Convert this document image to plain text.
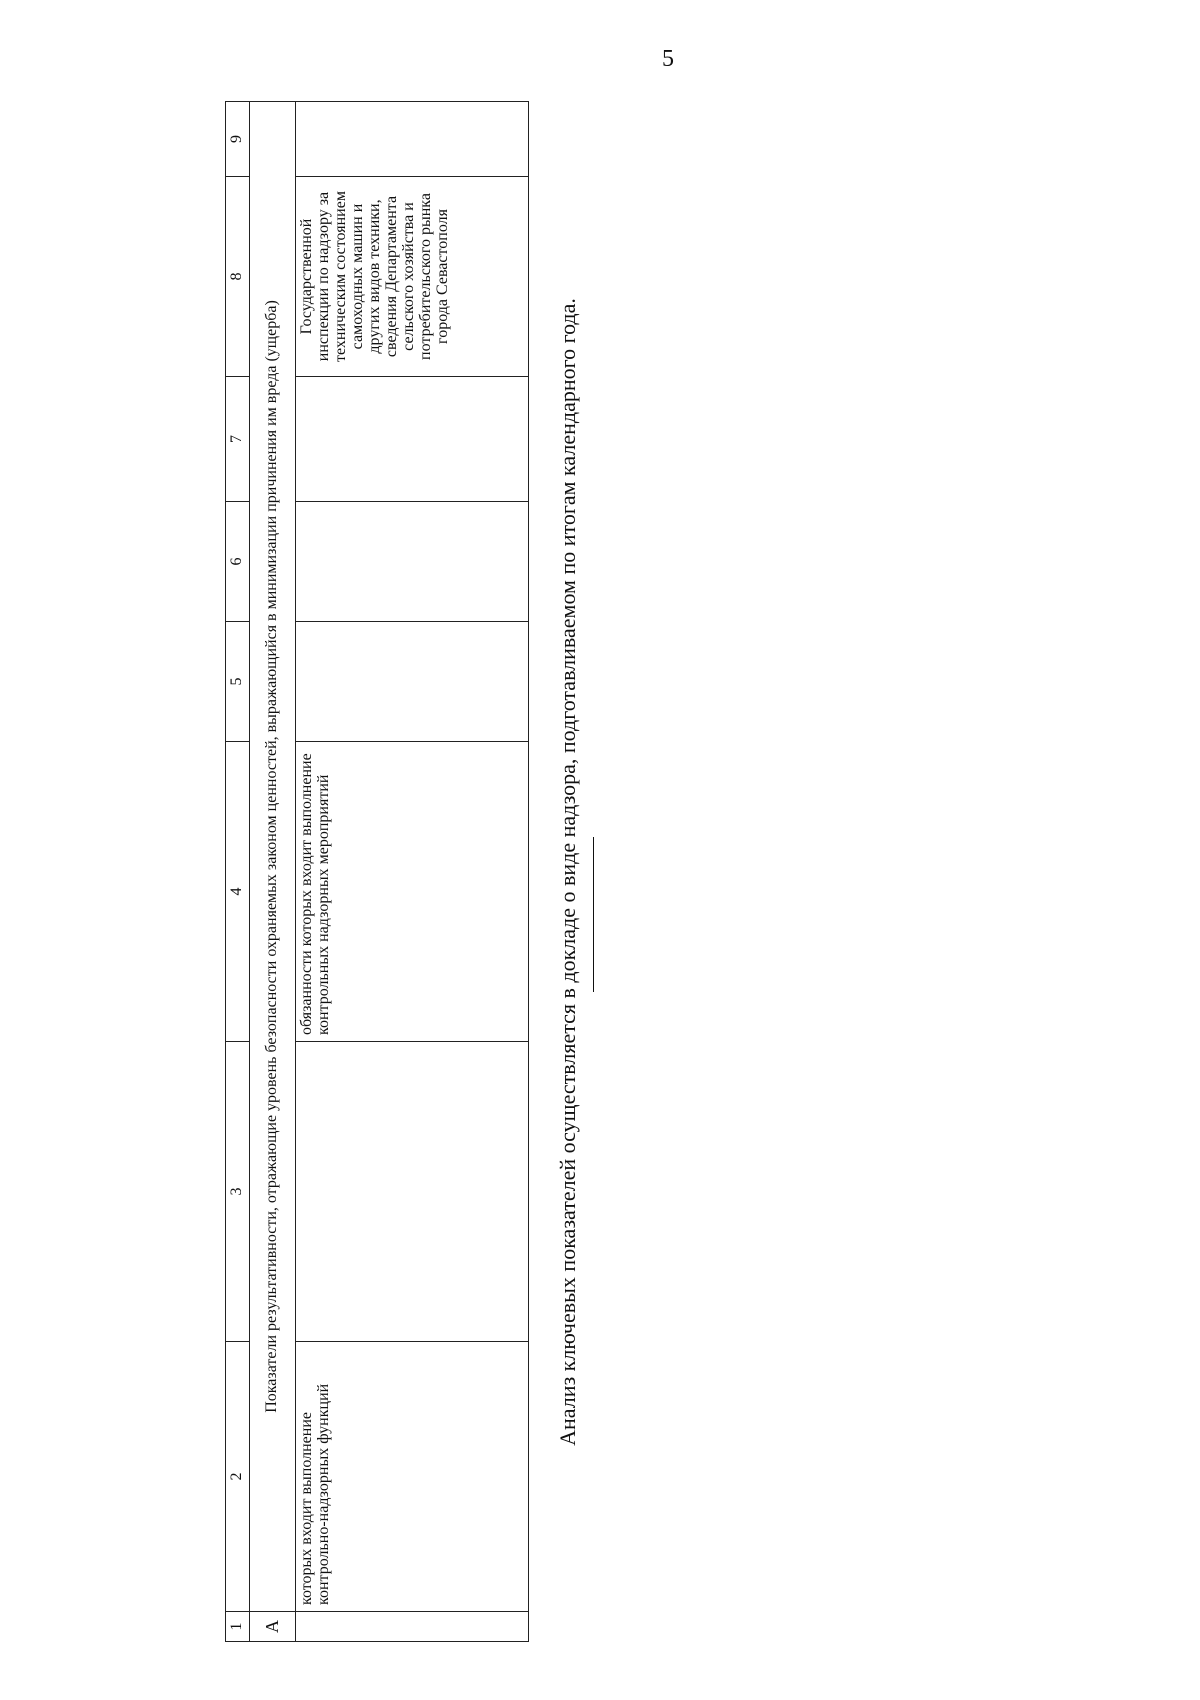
5
1	2	3	4	5	6	7	8	9
А	Показатели результативности, отражающие уровень безопасности охраняемых законом ценностей, выражающийся в минимизации причинения им вреда (ущерба)							
	которых входит выполнение контрольно-надзорных функций		обязанности которых входит выполнение контрольных надзорных мероприятий				Государственной инспекции по надзору за техническим состоянием самоходных машин и других видов техники, сведения Департамента сельского хозяйства и потребительского рынка города Севастополя	
Анализ ключевых показателей осуществляется в докладе о виде надзора, подготавливаемом по итогам календарного года.
